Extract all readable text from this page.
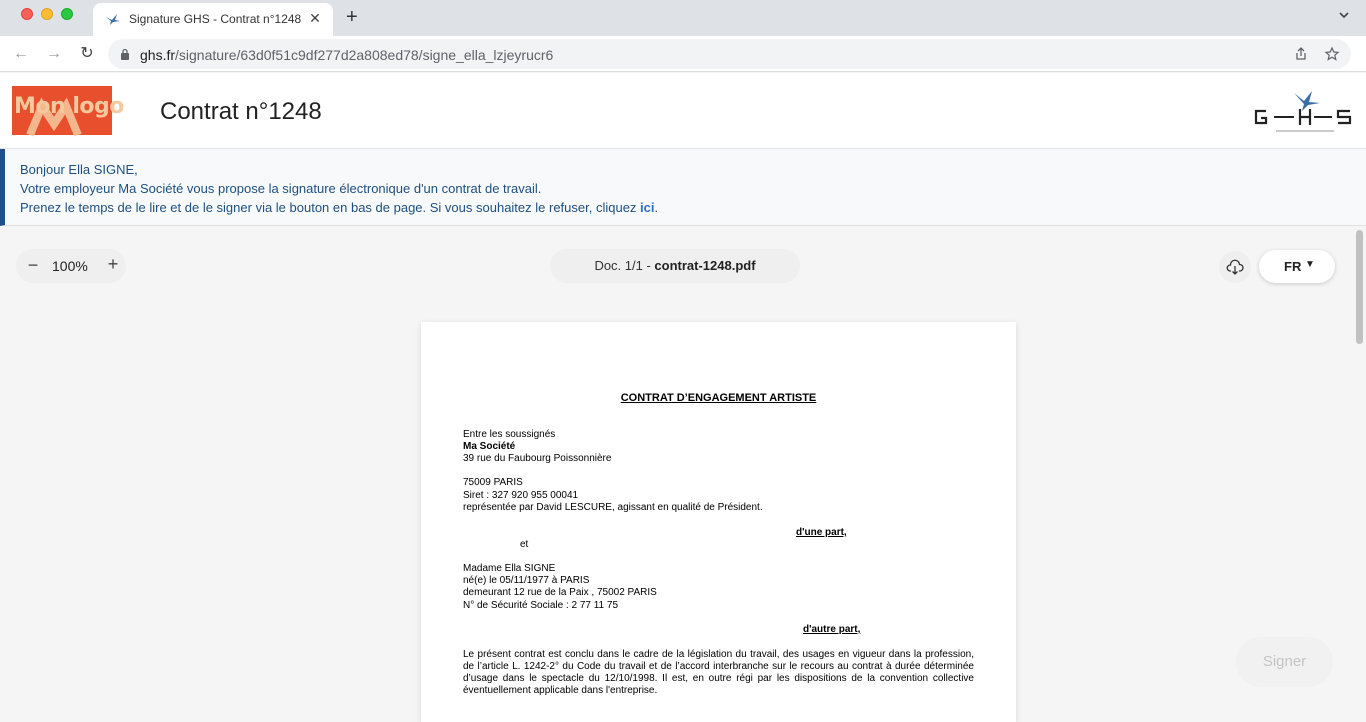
Signature GHS - Contrat n°1248 ✕ +
← → ↻	ghs.fr/signature/63d0f51c9df277d2a808ed78/signe_ella_lzjeyrucr6
Mon logo Contrat n°1248

Bonjour Ella SIGNE,

Votre employeur Ma Société vous propose la signature électronique d'un contrat de travail.

Prenez le temps de le lire et de le signer via le bouton en bas de page. Si vous souhaitez le refuser, cliquez ici.

− 100% +	Doc. 1/1 - contrat-1248.pdf	FR ▼
CONTRAT D’ENGAGEMENT ARTISTE
Entre les soussignés
Ma Société
39 rue du Faubourg Poissonnière
75009 PARIS
Siret : 327 920 955 00041
représentée par David LESCURE, agissant en qualité de Président.
d'une part,
et
Madame Ella SIGNE
né(e) le 05/11/1977 à PARIS
demeurant 12 rue de la Paix , 75002 PARIS
N° de Sécurité Sociale : 2 77 11 75
d'autre part,
Le présent contrat est conclu dans le cadre de la législation du travail, des usages en vigueur dans la profession, de l’article L. 1242-2° du Code du travail et de l’accord interbranche sur le recours au contrat à durée déterminée d’usage dans le spectacle du 12/10/1998. Il est, en outre régi par les dispositions de la convention collective éventuellement applicable dans l'entreprise.
Signer
